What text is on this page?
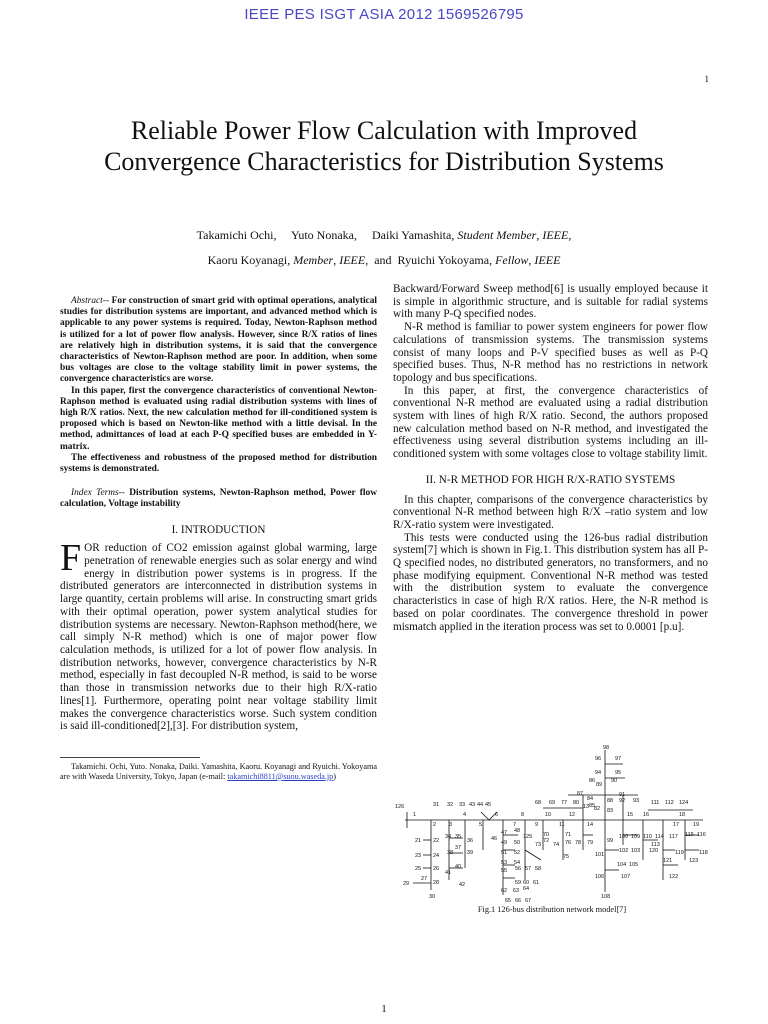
IEEE PES ISGT ASIA 2012 1569526795
1
Reliable Power Flow Calculation with Improved Convergence Characteristics for Distribution Systems
Takamichi Ochi, Yuto Nonaka, Daiki Yamashita, Student Member, IEEE,
Kaoru Koyanagi, Member, IEEE,  and Ryuichi Yokoyama, Fellow, IEEE

Abstract-- For construction of smart grid with optimal operations, analytical studies for distribution systems are important, and advanced method which is applicable to any power systems is required. Today, Newton-Raphson method is utilized for a lot of power flow analysis. However, since R/X ratios of lines are relatively high in distribution systems, it is said that the convergence characteristics of Newton-Raphson method are poor. In addition, when some bus voltages are close to the voltage stability limit in power systems, the convergence characteristics are worse.

In this paper, first the convergence characteristics of conventional Newton-Raphson method is evaluated using radial distribution systems with lines of high R/X ratios. Next, the new calculation method for ill-conditioned system is proposed which is based on Newton-like method with a little devisal. In the method, admittances of load at each P-Q specified buses are embedded in Y-matrix.

The effectiveness and robustness of the proposed method for distribution systems is demonstrated.

Index Terms-- Distribution systems, Newton-Raphson method, Power flow calculation, Voltage instability

I. INTRODUCTION
FOR reduction of CO2 emission against global warming, large penetration of renewable energies such as solar energy and wind energy in distribution power systems is in progress. If the distributed generators are interconnected in distribution systems in large quantity, certain problems will arise. In constructing smart grids with their optimal operation, power system analytical studies for distribution systems are necessary. Newton-Raphson method(here, we call simply N-R method) which is one of major power flow calculation methods, is utilized for a lot of power flow analysis. In distribution networks, however, convergence characteristics by N-R method, especially in fast decoupled N-R method, is said to be worse than those in transmission networks due to their high R/X-ratio lines[1]. Furthermore, operating point near voltage stability limit makes the convergence characteristics worse. Such system condition is said ill-conditioned[2],[3]. For distribution system,

Takamichi. Ochi, Yuto. Nonaka, Daiki. Yamashita, Kaoru. Koyanagi and Ryuichi. Yokoyama are with Waseda University, Tokyo, Japan (e-mail: takamichi8811@suou.waseda.jp)

Backward/Forward Sweep method[6] is usually employed because it is simple in algorithmic structure, and is suitable for radial systems with many P-Q specified nodes.

N-R method is familiar to power system engineers for power flow calculations of transmission systems. The transmission systems consist of many loops and P-V specified buses as well as P-Q specified buses. Thus, N-R method has no restrictions in network topology and bus specifications.

In this paper, at first, the convergence characteristics of conventional N-R method are evaluated using a radial distribution system with lines of high R/X ratio. Second, the authors proposed new calculation method based on N-R method, and investigated the effectiveness using several distribution systems including an ill-conditioned system with some voltages close to voltage stability limit.

II. N-R METHOD FOR HIGH R/X-RATIO SYSTEMS

In this chapter, comparisons of the convergence characteristics by conventional N-R method between high R/X –ratio system and low R/X-ratio system were investigated.

This tests were conducted using the 126-bus radial distribution system[7] which is shown in Fig.1. This distribution system has all P-Q specified nodes, no distributed generators, no transformers, and no phase modifying equipment. Conventional N-R method was tested with the distribution system to evaluate the convergence characteristics in case of high R/X ratios. Here, the N-R method is based on polar coordinates. The convergence threshold in power mismatch applied in the iteration process was set to 0.0001 [p.u].

126
1
2 3
4
5
6
7
8
9
10
11
12
13
14
15 16
17
18
19
21 22
23 24
25 26
27
28
29
30
31 32 33
34 35
36
37
38	39
40
41
42
43 44 45
46
47 48
49 50
51 52
53 54
55 56 57 58
59 60 61
62 63 64
65 66 67
68 69
70	71
72
73 74
75
76
77
78 79
80
82 83
84
85
86
87
88
89
90
91
92 93
94	95
96	97
98
99
100
101
102 103
104 105
106	107
108
109 110
111 112
113
114	115 116
117
118
119
120
121
122
123
124
125
Fig.1 126-bus distribution network model[7]
1
